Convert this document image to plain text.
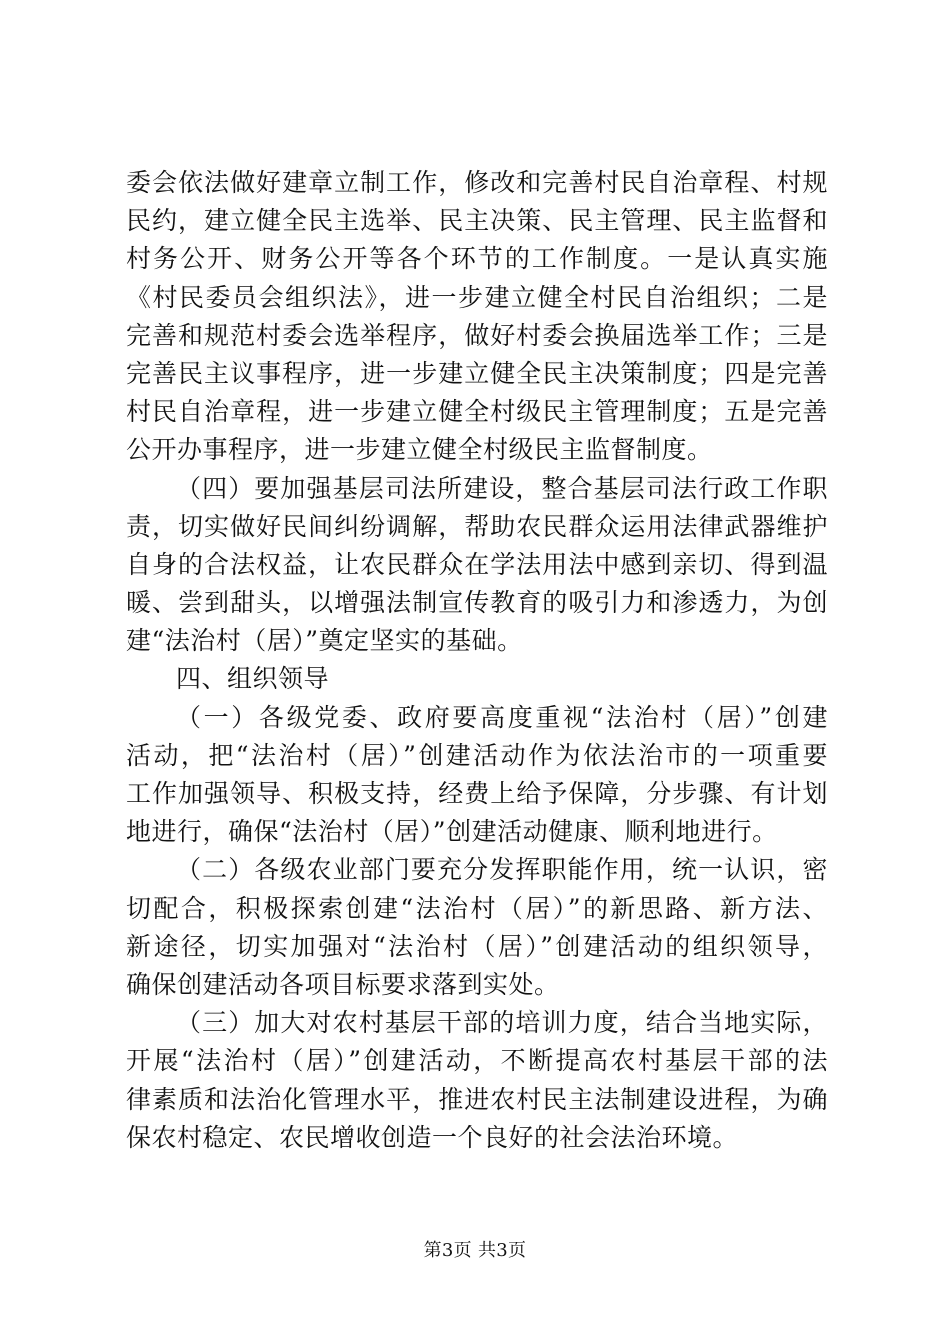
委会依法做好建章立制工作，修改和完善村民自治章程、村规
民约，建立健全民主选举、民主决策、民主管理、民主监督和
村务公开、财务公开等各个环节的工作制度。一是认真实施
《村民委员会组织法》，进一步建立健全村民自治组织；二是
完善和规范村委会选举程序，做好村委会换届选举工作；三是
完善民主议事程序，进一步建立健全民主决策制度；四是完善
村民自治章程，进一步建立健全村级民主管理制度；五是完善
公开办事程序，进一步建立健全村级民主监督制度。
（四）要加强基层司法所建设，整合基层司法行政工作职
责，切实做好民间纠纷调解，帮助农民群众运用法律武器维护
自身的合法权益，让农民群众在学法用法中感到亲切、得到温
暖、尝到甜头，以增强法制宣传教育的吸引力和渗透力，为创
建“法治村（居）”奠定坚实的基础。
四、组织领导
（一）各级党委、政府要高度重视“法治村（居）”创建
活动，把“法治村（居）”创建活动作为依法治市的一项重要
工作加强领导、积极支持，经费上给予保障，分步骤、有计划
地进行，确保“法治村（居）”创建活动健康、顺利地进行。
（二）各级农业部门要充分发挥职能作用，统一认识，密
切配合，积极探索创建“法治村（居）”的新思路、新方法、
新途径，切实加强对“法治村（居）”创建活动的组织领导，
确保创建活动各项目标要求落到实处。
（三）加大对农村基层干部的培训力度，结合当地实际，
开展“法治村（居）”创建活动，不断提高农村基层干部的法
律素质和法治化管理水平，推进农村民主法制建设进程，为确
保农村稳定、农民增收创造一个良好的社会法治环境。
第3页 共3页
